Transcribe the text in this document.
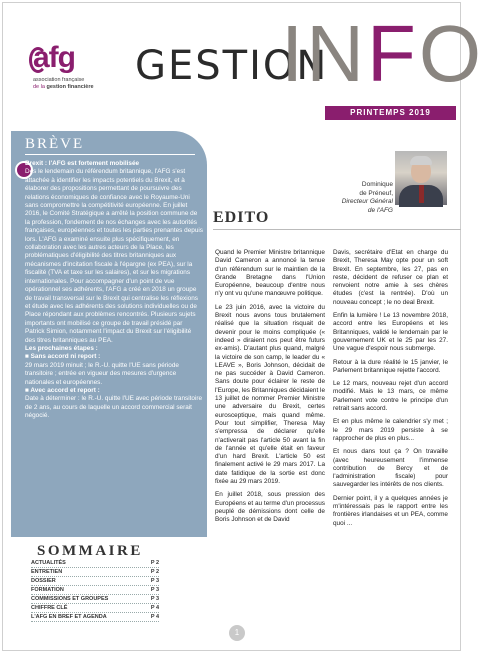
afg
association française
de la gestion financière GESTION
INFO
PRINTEMPS 2019
BRÈVE

Brexit : l'AFG est fortement mobilisée

Dès le lendemain du référendum britannique, l'AFG s'est attachée à identifier les impacts potentiels du Brexit, et à élaborer des propositions permettant de poursuivre des relations économiques de confiance avec le Royaume-Uni sans compromettre la compétitivité européenne. En juillet 2016, le Comité Stratégique a arrêté la position commune de la profession, fondement de nos échanges avec les autorités françaises, européennes et toutes les parties prenantes depuis lors. L'AFG a examiné ensuite plus spécifiquement, en collaboration avec les autres acteurs de la Place, les problématiques d'éligibilité des titres britanniques aux mécanismes d'incitation fiscale à l'épargne (ex PEA), sur la fiscalité (TVA et taxe sur les salaires), et sur les migrations internationales. Pour accompagner d'un point de vue opérationnel ses adhérents, l'AFG a créé en 2018 un groupe de travail transversal sur le Brexit qui centralise les réflexions et étude avec les adhérents des solutions individuelles ou de Place répondant aux problèmes rencontrés. Plusieurs sujets importants ont mobilisé ce groupe de travail présidé par Patrick Simion, notamment l'impact du Brexit sur l'éligibilité des titres britanniques au PEA.

Les prochaines étapes :

■ Sans accord ni report :

29 mars 2019 minuit ; le R.-U. quitte l'UE sans période transitoire ; entrée en vigueur des mesures d'urgence nationales et européennes.

■ Avec accord et report :

Date à déterminer : le R.-U. quitte l'UE avec période transitoire de 2 ans, au cours de laquelle un accord commercial serait négocié.

SOMMAIRE
ACTUALITÉS	P 2
ENTRETIEN	P 2
DOSSIER	P 3
FORMATION	P 3
COMMISSIONS ET GROUPES	P 3
CHIFFRE CLÉ	P 4
L'AFG EN BREF ET AGENDA	P 4
Dominique
de Préneuf,
Directeur Général
de l'AFG
EDITO

Quand le Premier Ministre britannique David Cameron a annoncé la tenue d'un référendum sur le maintien de la Grande Bretagne dans l'Union Européenne, beaucoup d'entre nous n'y ont vu qu'une manœuvre politique.

Le 23 juin 2016, avec la victoire du Brexit nous avons tous brutalement réalisé que la situation risquait de devenir pour le moins compliquée (« indeed » diraient nos peut être futurs ex-amis). D'autant plus quand, malgré la victoire de son camp, le leader du « LEAVE », Boris Johnson, décidait de ne pas succéder à David Cameron. Sans doute pour éclairer le reste de l'Europe, les Britanniques décidaient le 13 juillet de nommer Premier Ministre une adversaire du Brexit, certes eurosceptique, mais quand même. Pour tout simplifier, Theresa May s'empressa de déclarer qu'elle n'activerait pas l'article 50 avant la fin de l'année et qu'elle était en faveur d'un hard Brexit. L'article 50 est finalement activé le 29 mars 2017. La date fatidique de la sortie est donc fixée au 29 mars 2019.

En juillet 2018, sous pression des Européens et au terme d'un processus peuplé de démissions dont celle de Boris Johnson et de David

Davis, secrétaire d'Etat en charge du Brexit, Theresa May opte pour un soft Brexit. En septembre, les 27, pas en reste, décident de refuser ce plan et renvoient notre amie à ses chères études (c'est la rentrée). D'où un nouveau concept ; le no deal Brexit.

Enfin la lumière ! Le 13 novembre 2018, accord entre les Européens et les Britanniques, validé le lendemain par le gouvernement UK et le 25 par les 27. Une vague d'espoir nous submerge.

Retour à la dure réalité le 15 janvier, le Parlement britannique rejette l'accord.

Le 12 mars, nouveau rejet d'un accord modifié. Mais le 13 mars, ce même Parlement vote contre le principe d'un retrait sans accord.

Et en plus même le calendrier s'y met ; le 29 mars 2019 persiste à se rapprocher de plus en plus...

Et nous dans tout ça ? On travaille (avec heureusement l'immense contribution de Bercy et de l'administration fiscale) pour sauvegarder les intérêts de nos clients.

Dernier point, il y a quelques années je m'intéressais pas le rapport entre les frontières irlandaises et un PEA, comme quoi ...

1
